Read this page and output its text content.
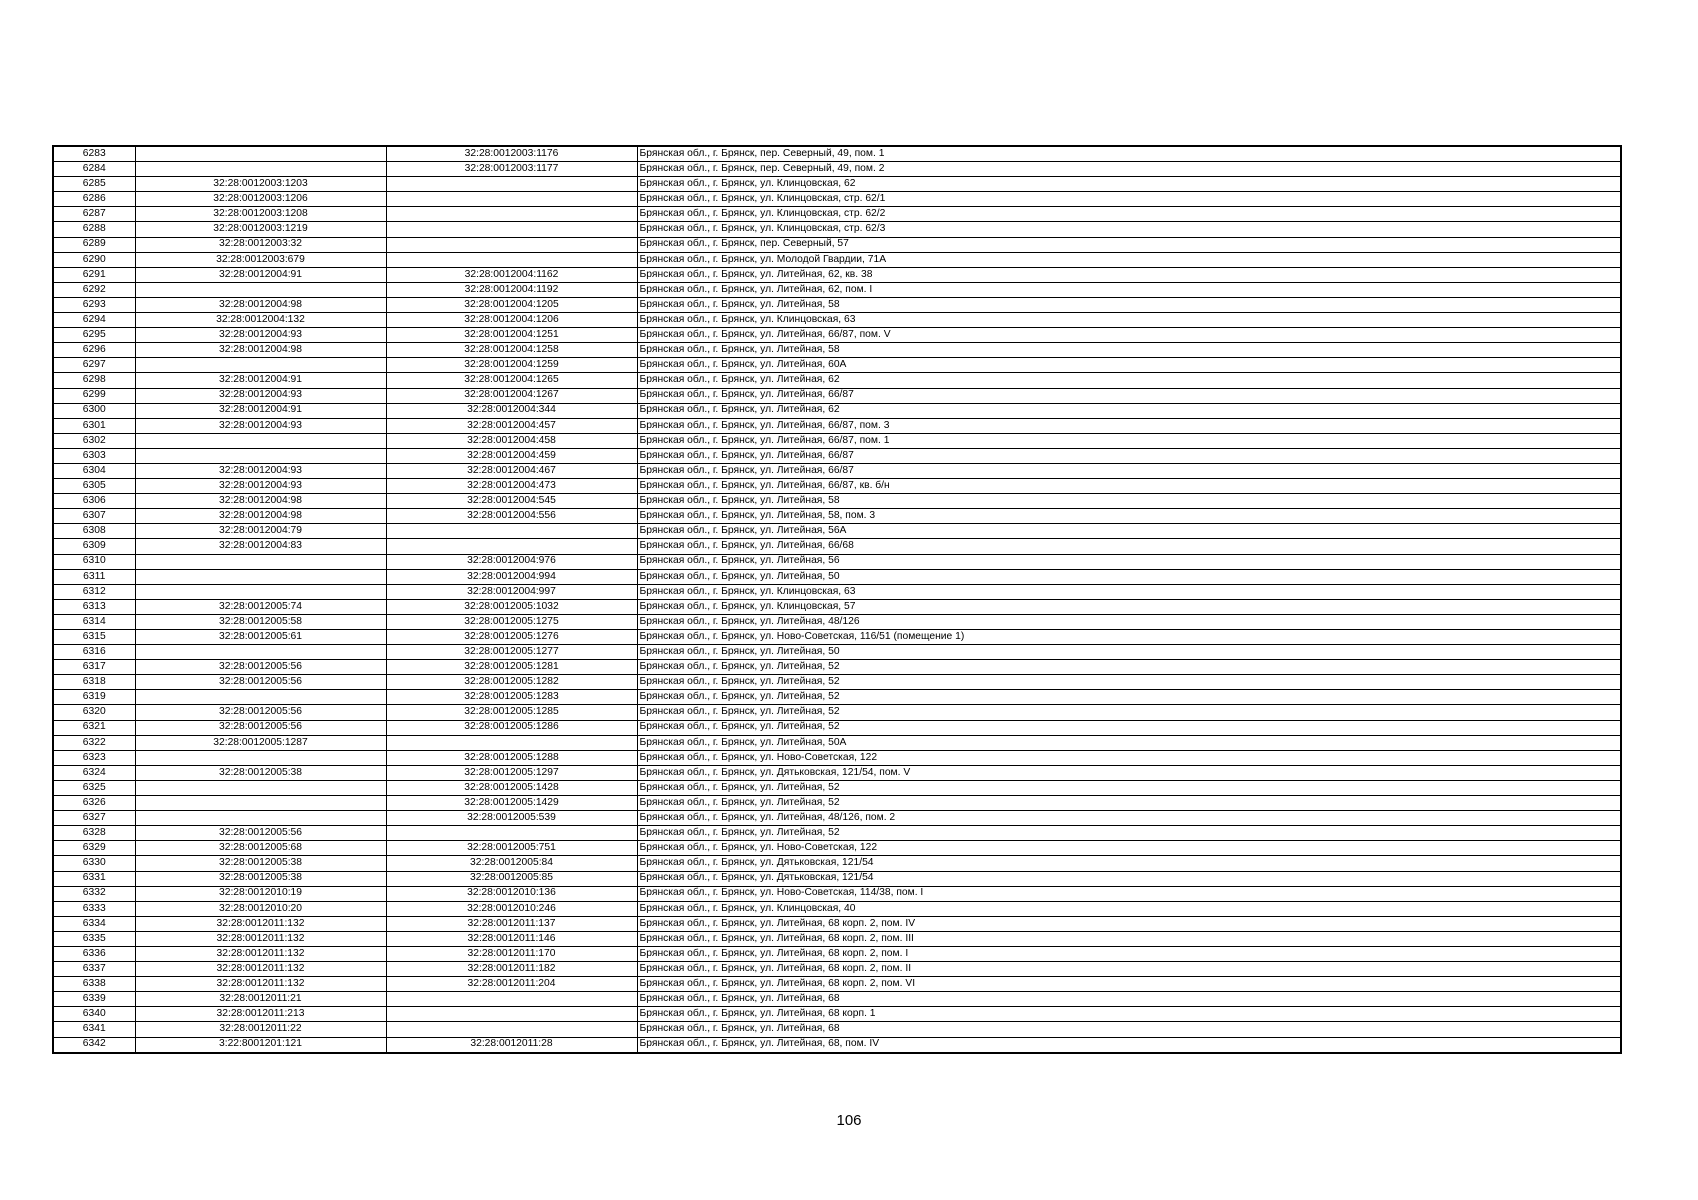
6283		32:28:0012003:1176	Брянская обл., г. Брянск, пер. Северный, 49, пом. 1
6284		32:28:0012003:1177	Брянская обл., г. Брянск, пер. Северный, 49, пом. 2
6285	32:28:0012003:1203		Брянская обл., г. Брянск, ул. Клинцовская, 62
6286	32:28:0012003:1206		Брянская обл., г. Брянск, ул. Клинцовская, стр. 62/1
6287	32:28:0012003:1208		Брянская обл., г. Брянск, ул. Клинцовская, стр. 62/2
6288	32:28:0012003:1219		Брянская обл., г. Брянск, ул. Клинцовская, стр. 62/3
6289	32:28:0012003:32		Брянская обл., г. Брянск, пер. Северный, 57
6290	32:28:0012003:679		Брянская обл., г. Брянск, ул. Молодой Гвардии, 71А
6291	32:28:0012004:91	32:28:0012004:1162	Брянская обл., г. Брянск, ул. Литейная, 62, кв. 38
6292		32:28:0012004:1192	Брянская обл., г. Брянск, ул. Литейная, 62, пом. I
6293	32:28:0012004:98	32:28:0012004:1205	Брянская обл., г. Брянск, ул. Литейная, 58
6294	32:28:0012004:132	32:28:0012004:1206	Брянская обл., г. Брянск, ул. Клинцовская, 63
6295	32:28:0012004:93	32:28:0012004:1251	Брянская обл., г. Брянск, ул. Литейная, 66/87, пом. V
6296	32:28:0012004:98	32:28:0012004:1258	Брянская обл., г. Брянск, ул. Литейная, 58
6297		32:28:0012004:1259	Брянская обл., г. Брянск, ул. Литейная, 60А
6298	32:28:0012004:91	32:28:0012004:1265	Брянская обл., г. Брянск, ул. Литейная, 62
6299	32:28:0012004:93	32:28:0012004:1267	Брянская обл., г. Брянск, ул. Литейная, 66/87
6300	32:28:0012004:91	32:28:0012004:344	Брянская обл., г. Брянск, ул. Литейная, 62
6301	32:28:0012004:93	32:28:0012004:457	Брянская обл., г. Брянск, ул. Литейная, 66/87, пом. 3
6302		32:28:0012004:458	Брянская обл., г. Брянск, ул. Литейная, 66/87, пом. 1
6303		32:28:0012004:459	Брянская обл., г. Брянск, ул. Литейная, 66/87
6304	32:28:0012004:93	32:28:0012004:467	Брянская обл., г. Брянск, ул. Литейная, 66/87
6305	32:28:0012004:93	32:28:0012004:473	Брянская обл., г. Брянск, ул. Литейная, 66/87, кв. б/н
6306	32:28:0012004:98	32:28:0012004:545	Брянская обл., г. Брянск, ул. Литейная, 58
6307	32:28:0012004:98	32:28:0012004:556	Брянская обл., г. Брянск, ул. Литейная, 58, пом. 3
6308	32:28:0012004:79		Брянская обл., г. Брянск, ул. Литейная, 56А
6309	32:28:0012004:83		Брянская обл., г. Брянск, ул. Литейная, 66/68
6310		32:28:0012004:976	Брянская обл., г. Брянск, ул. Литейная, 56
6311		32:28:0012004:994	Брянская обл., г. Брянск, ул. Литейная, 50
6312		32:28:0012004:997	Брянская обл., г. Брянск, ул. Клинцовская, 63
6313	32:28:0012005:74	32:28:0012005:1032	Брянская обл., г. Брянск, ул. Клинцовская, 57
6314	32:28:0012005:58	32:28:0012005:1275	Брянская обл., г. Брянск, ул. Литейная, 48/126
6315	32:28:0012005:61	32:28:0012005:1276	Брянская обл., г. Брянск, ул. Ново-Советская, 116/51 (помещение 1)
6316		32:28:0012005:1277	Брянская обл., г. Брянск, ул. Литейная, 50
6317	32:28:0012005:56	32:28:0012005:1281	Брянская обл., г. Брянск, ул. Литейная, 52
6318	32:28:0012005:56	32:28:0012005:1282	Брянская обл., г. Брянск, ул. Литейная, 52
6319		32:28:0012005:1283	Брянская обл., г. Брянск, ул. Литейная, 52
6320	32:28:0012005:56	32:28:0012005:1285	Брянская обл., г. Брянск, ул. Литейная, 52
6321	32:28:0012005:56	32:28:0012005:1286	Брянская обл., г. Брянск, ул. Литейная, 52
6322	32:28:0012005:1287		Брянская обл., г. Брянск, ул. Литейная, 50А
6323		32:28:0012005:1288	Брянская обл., г. Брянск, ул. Ново-Советская, 122
6324	32:28:0012005:38	32:28:0012005:1297	Брянская обл., г. Брянск, ул. Дятьковская, 121/54, пом. V
6325		32:28:0012005:1428	Брянская обл., г. Брянск, ул. Литейная, 52
6326		32:28:0012005:1429	Брянская обл., г. Брянск, ул. Литейная, 52
6327		32:28:0012005:539	Брянская обл., г. Брянск, ул. Литейная, 48/126, пом. 2
6328	32:28:0012005:56		Брянская обл., г. Брянск, ул. Литейная, 52
6329	32:28:0012005:68	32:28:0012005:751	Брянская обл., г. Брянск, ул. Ново-Советская, 122
6330	32:28:0012005:38	32:28:0012005:84	Брянская обл., г. Брянск, ул. Дятьковская, 121/54
6331	32:28:0012005:38	32:28:0012005:85	Брянская обл., г. Брянск, ул. Дятьковская, 121/54
6332	32:28:0012010:19	32:28:0012010:136	Брянская обл., г. Брянск, ул. Ново-Советская, 114/38, пом. I
6333	32:28:0012010:20	32:28:0012010:246	Брянская обл., г. Брянск, ул. Клинцовская, 40
6334	32:28:0012011:132	32:28:0012011:137	Брянская обл., г. Брянск, ул. Литейная, 68 корп. 2, пом. IV
6335	32:28:0012011:132	32:28:0012011:146	Брянская обл., г. Брянск, ул. Литейная, 68 корп. 2, пом. III
6336	32:28:0012011:132	32:28:0012011:170	Брянская обл., г. Брянск, ул. Литейная, 68 корп. 2, пом. I
6337	32:28:0012011:132	32:28:0012011:182	Брянская обл., г. Брянск, ул. Литейная, 68 корп. 2, пом. II
6338	32:28:0012011:132	32:28:0012011:204	Брянская обл., г. Брянск, ул. Литейная, 68 корп. 2, пом. VI
6339	32:28:0012011:21		Брянская обл., г. Брянск, ул. Литейная, 68
6340	32:28:0012011:213		Брянская обл., г. Брянск, ул. Литейная, 68 корп. 1
6341	32:28:0012011:22		Брянская обл., г. Брянск, ул. Литейная, 68
6342	3:22:8001201:121	32:28:0012011:28	Брянская обл., г. Брянск, ул. Литейная, 68, пом. IV
106
